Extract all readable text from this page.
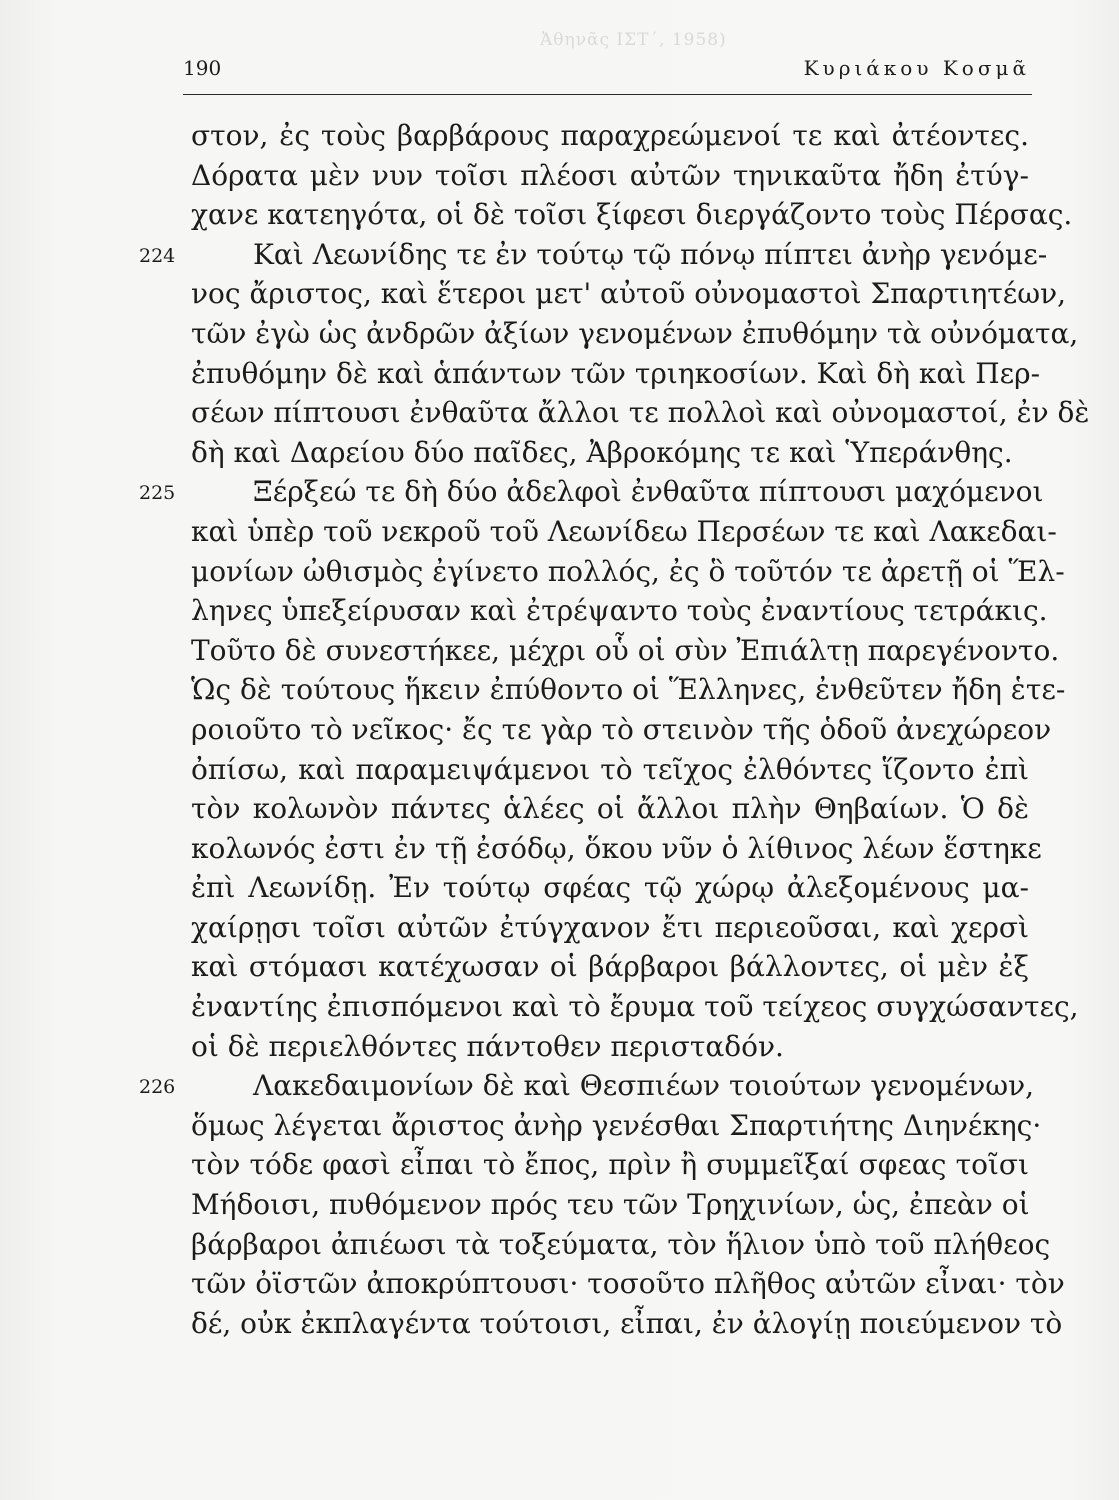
Ἀθηνᾶς ΙΣΤ΄, 1958)
190	Κυριάκου Κοσμᾶ
στον, ἐς τοὺς βαρβάρους παραχρεώμενοί τε καὶ ἀτέοντες.
Δόρατα μὲν νυν τοῖσι πλέοσι αὐτῶν τηνικαῦτα ἤδη ἐτύγ-
χανε κατεηγότα, οἱ δὲ τοῖσι ξίφεσι διεργάζοντο τοὺς Πέρσας.
224	Καὶ Λεωνίδης τε ἐν τούτῳ τῷ πόνῳ πίπτει ἀνὴρ γενόμε-
νος ἄριστος, καὶ ἕτεροι μετ' αὐτοῦ οὐνομαστοὶ Σπαρτιητέων,
τῶν ἐγὼ ὡς ἀνδρῶν ἀξίων γενομένων ἐπυθόμην τὰ οὐνόματα,
ἐπυθόμην δὲ καὶ ἁπάντων τῶν τριηκοσίων. Καὶ δὴ καὶ Περ-
σέων πίπτουσι ἐνθαῦτα ἄλλοι τε πολλοὶ καὶ οὐνομαστοί, ἐν δὲ
δὴ καὶ Δαρείου δύο παῖδες, Ἀβροκόμης τε καὶ Ὑπεράνθης.
225	Ξέρξεώ τε δὴ δύο ἀδελφοὶ ἐνθαῦτα πίπτουσι μαχόμενοι
καὶ ὑπὲρ τοῦ νεκροῦ τοῦ Λεωνίδεω Περσέων τε καὶ Λακεδαι-
μονίων ὠθισμὸς ἐγίνετο πολλός, ἐς ὃ τοῦτόν τε ἀρετῇ οἱ Ἕλ-
ληνες ὑπεξείρυσαν καὶ ἐτρέψαντο τοὺς ἐναντίους τετράκις.
Τοῦτο δὲ συνεστήκεε, μέχρι οὗ οἱ σὺν Ἐπιάλτῃ παρεγένοντο.
Ὡς δὲ τούτους ἥκειν ἐπύθοντο οἱ Ἕλληνες, ἐνθεῦτεν ἤδη ἑτε-
ροιοῦτο τὸ νεῖκος· ἔς τε γὰρ τὸ στεινὸν τῆς ὁδοῦ ἀνεχώρεον
ὀπίσω, καὶ παραμειψάμενοι τὸ τεῖχος ἐλθόντες ἵζοντο ἐπὶ
τὸν κολωνὸν πάντες ἁλέες οἱ ἄλλοι πλὴν Θηβαίων. Ὁ δὲ
κολωνός ἐστι ἐν τῇ ἐσόδῳ, ὅκου νῦν ὁ λίθινος λέων ἕστηκε
ἐπὶ Λεωνίδῃ. Ἐν τούτῳ σφέας τῷ χώρῳ ἀλεξομένους μα-
χαίρῃσι τοῖσι αὐτῶν ἐτύγχανον ἔτι περιεοῦσαι, καὶ χερσὶ
καὶ στόμασι κατέχωσαν οἱ βάρβαροι βάλλοντες, οἱ μὲν ἐξ
ἐναντίης ἐπισπόμενοι καὶ τὸ ἔρυμα τοῦ τείχεος συγχώσαντες,
οἱ δὲ περιελθόντες πάντοθεν περισταδόν.
226	Λακεδαιμονίων δὲ καὶ Θεσπιέων τοιούτων γενομένων,
ὅμως λέγεται ἄριστος ἀνὴρ γενέσθαι Σπαρτιήτης Διηνέκης·
τὸν τόδε φασὶ εἶπαι τὸ ἔπος, πρὶν ἢ συμμεῖξαί σφεας τοῖσι
Μήδοισι, πυθόμενον πρός τευ τῶν Τρηχινίων, ὡς, ἐπεὰν οἱ
βάρβαροι ἀπιέωσι τὰ τοξεύματα, τὸν ἥλιον ὑπὸ τοῦ πλήθεος
τῶν ὀϊστῶν ἀποκρύπτουσι· τοσοῦτο πλῆθος αὐτῶν εἶναι· τὸν
δέ, οὐκ ἐκπλαγέντα τούτοισι, εἶπαι, ἐν ἀλογίῃ ποιεύμενον τὸ
